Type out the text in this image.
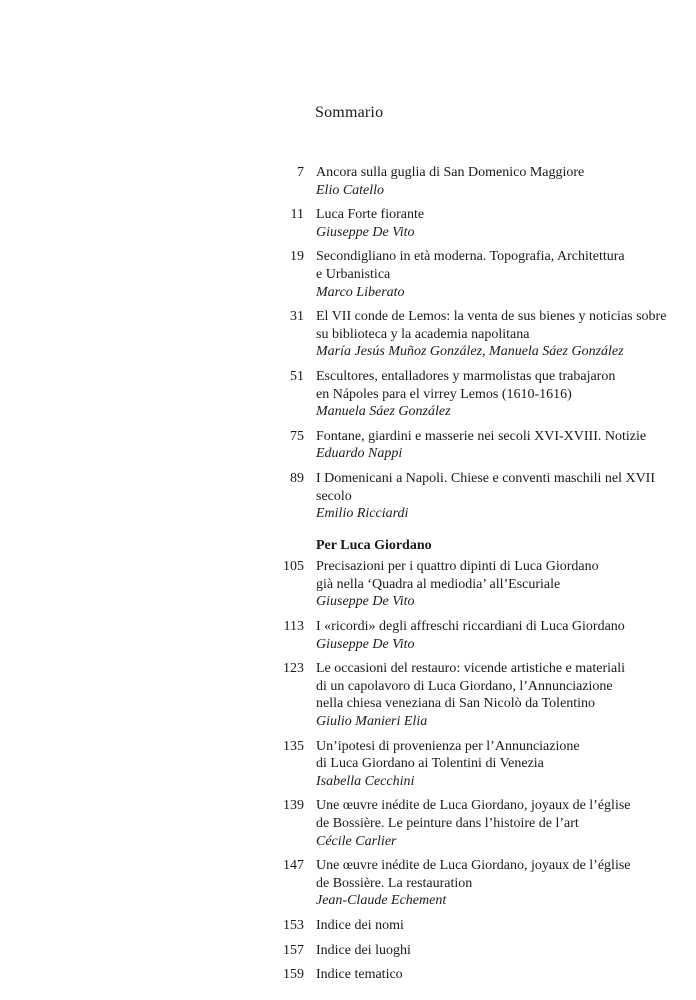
Sommario
7 Ancora sulla guglia di San Domenico Maggiore
Elio Catello
11 Luca Forte fiorante
Giuseppe De Vito
19 Secondigliano in età moderna. Topografia, Architettura
e Urbanistica
Marco Liberato
31 El VII conde de Lemos: la venta de sus bienes y noticias sobre
su biblioteca y la academia napolitana
María Jesús Muñoz González, Manuela Sáez González
51 Escultores, entalladores y marmolistas que trabajaron
en Nápoles para el virrey Lemos (1610-1616)
Manuela Sáez González
75 Fontane, giardini e masserie nei secoli XVI-XVIII. Notizie
Eduardo Nappi
89 I Domenicani a Napoli. Chiese e conventi maschili nel XVII
secolo
Emilio Ricciardi
Per Luca Giordano
105 Precisazioni per i quattro dipinti di Luca Giordano
già nella ‘Quadra al mediodia’ all’Escuriale
Giuseppe De Vito
113 I «ricordi» degli affreschi riccardiani di Luca Giordano
Giuseppe De Vito
123 Le occasioni del restauro: vicende artistiche e materiali
di un capolavoro di Luca Giordano, l’Annunciazione
nella chiesa veneziana di San Nicolò da Tolentino
Giulio Manieri Elia
135 Un’ipotesi di provenienza per l’Annunciazione
di Luca Giordano ai Tolentini di Venezia
Isabella Cecchini
139 Une œuvre inédite de Luca Giordano, joyaux de l’église
de Bossière. Le peinture dans l’histoire de l’art
Cécile Carlier
147 Une œuvre inédite de Luca Giordano, joyaux de l’église
de Bossière. La restauration
Jean-Claude Echement
153 Indice dei nomi
157 Indice dei luoghi
159 Indice tematico
